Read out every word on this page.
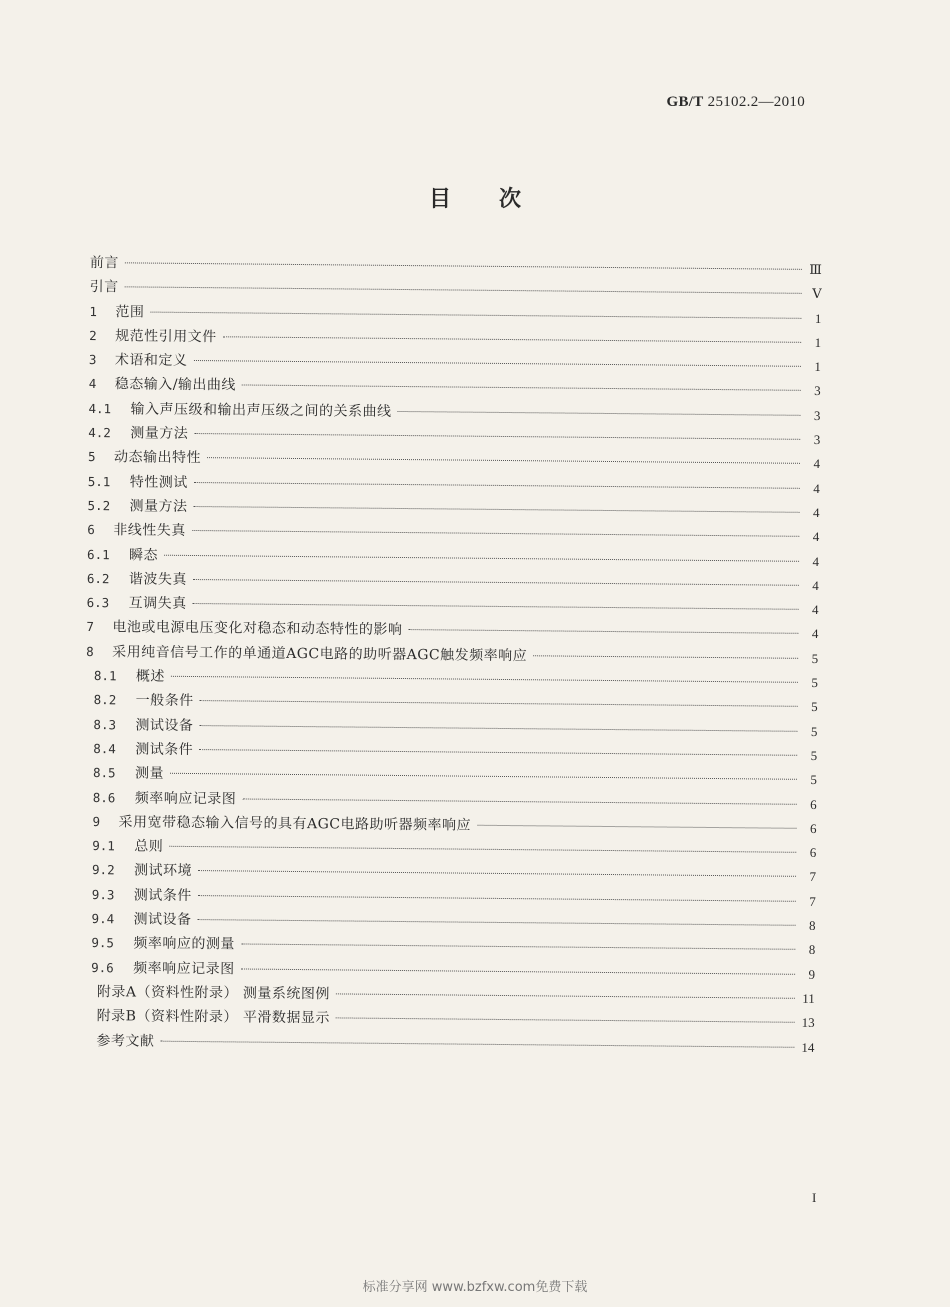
GB/T 25102.2—2010
目次
前言	Ⅲ
引言	Ⅴ
1	范围	1
2	规范性引用文件	1
3	术语和定义	1
4	稳态输入/输出曲线	3
4.1	输入声压级和输出声压级之间的关系曲线	3
4.2	测量方法	3
5	动态输出特性	4
5.1	特性测试	4
5.2	测量方法	4
6	非线性失真	4
6.1	瞬态	4
6.2	谐波失真	4
6.3	互调失真	4
7	电池或电源电压变化对稳态和动态特性的影响	4
8	采用纯音信号工作的单通道AGC电路的助听器AGC触发频率响应	5
8.1	概述	5
8.2	一般条件	5
8.3	测试设备	5
8.4	测试条件	5
8.5	测量	5
8.6	频率响应记录图	6
9	采用宽带稳态输入信号的具有AGC电路助听器频率响应	6
9.1	总则	6
9.2	测试环境	7
9.3	测试条件	7
9.4	测试设备	8
9.5	频率响应的测量	8
9.6	频率响应记录图	9
附录A（资料性附录） 测量系统图例	11
附录B（资料性附录） 平滑数据显示	13
参考文献	14
I
标准分享网 www.bzfxw.com免费下载
